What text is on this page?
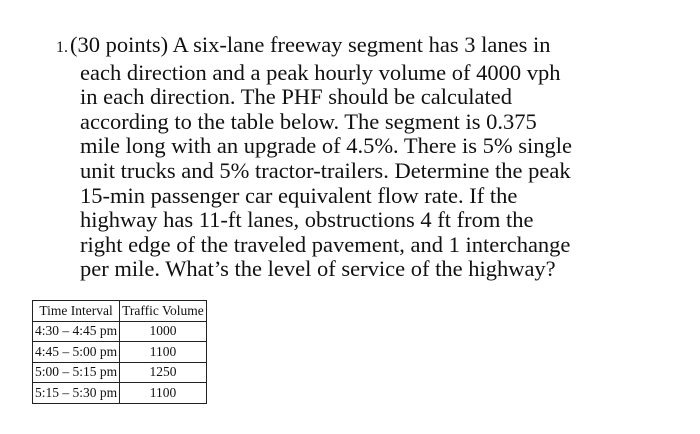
1.(30 points) A six-lane freeway segment has 3 lanes in
each direction and a peak hourly volume of 4000 vph
in each direction. The PHF should be calculated
according to the table below. The segment is 0.375
mile long with an upgrade of 4.5%. There is 5% single
unit trucks and 5% tractor-trailers. Determine the peak
15-min passenger car equivalent flow rate. If the
highway has 11-ft lanes, obstructions 4 ft from the
right edge of the traveled pavement, and 1 interchange
per mile. What’s the level of service of the highway?
Time Interval	Traffic Volume
4:30 – 4:45 pm	1000
4:45 – 5:00 pm	1100
5:00 – 5:15 pm	1250
5:15 – 5:30 pm	1100
